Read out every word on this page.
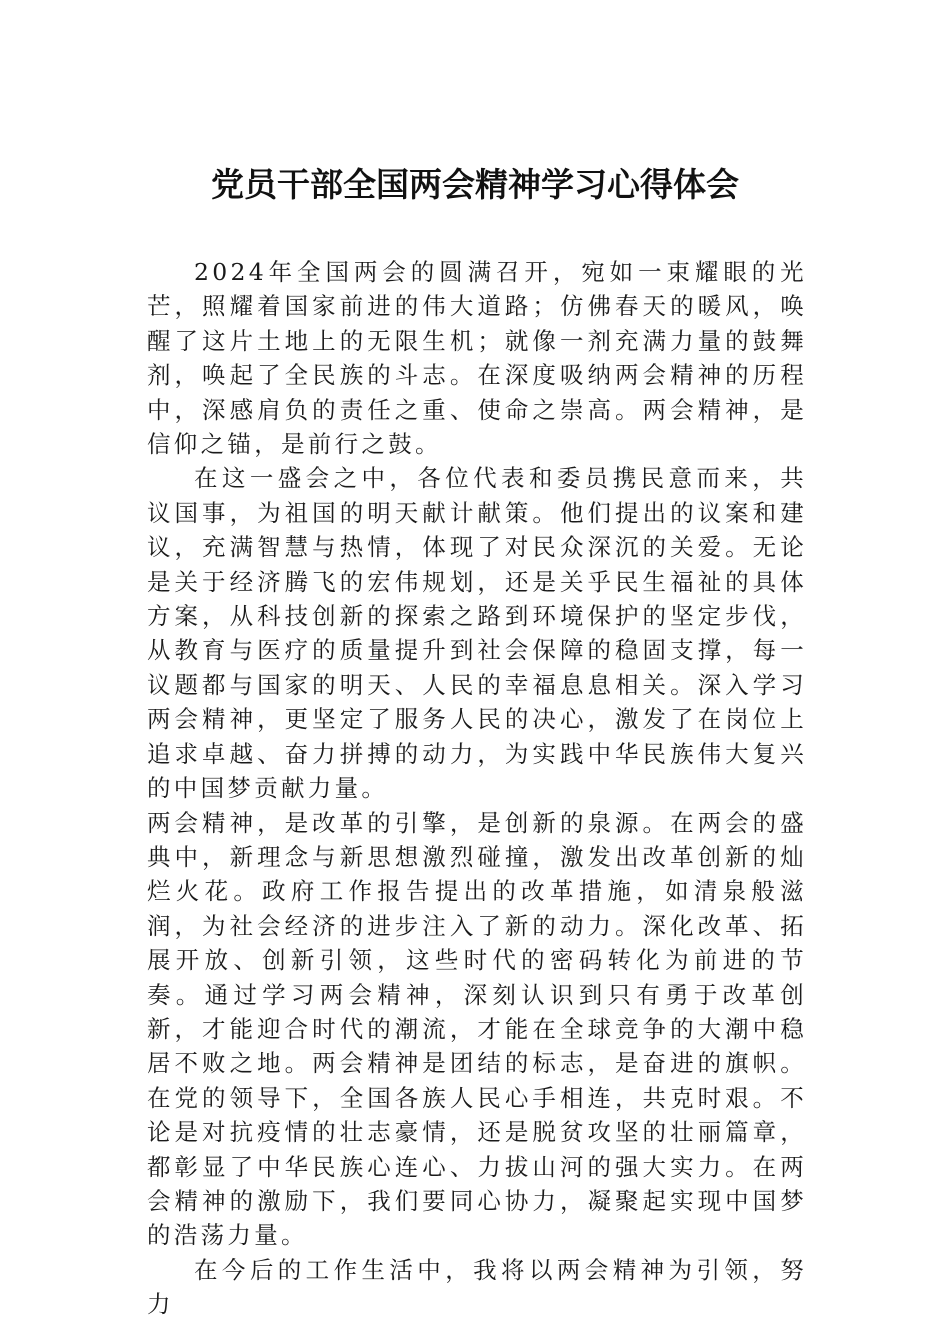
党员干部全国两会精神学习心得体会

2024年全国两会的圆满召开，宛如一束耀眼的光芒，照耀着国家前进的伟大道路；仿佛春天的暖风，唤醒了这片土地上的无限生机；就像一剂充满力量的鼓舞剂，唤起了全民族的斗志。在深度吸纳两会精神的历程中，深感肩负的责任之重、使命之崇高。两会精神，是信仰之锚，是前行之鼓。

在这一盛会之中，各位代表和委员携民意而来，共议国事，为祖国的明天献计献策。他们提出的议案和建议，充满智慧与热情，体现了对民众深沉的关爱。无论是关于经济腾飞的宏伟规划，还是关乎民生福祉的具体方案，从科技创新的探索之路到环境保护的坚定步伐，从教育与医疗的质量提升到社会保障的稳固支撑，每一议题都与国家的明天、人民的幸福息息相关。深入学习两会精神，更坚定了服务人民的决心，激发了在岗位上追求卓越、奋力拼搏的动力，为实践中华民族伟大复兴的中国梦贡献力量。

两会精神，是改革的引擎，是创新的泉源。在两会的盛典中，新理念与新思想激烈碰撞，激发出改革创新的灿烂火花。政府工作报告提出的改革措施，如清泉般滋润，为社会经济的进步注入了新的动力。深化改革、拓展开放、创新引领，这些时代的密码转化为前进的节奏。通过学习两会精神，深刻认识到只有勇于改革创新，才能迎合时代的潮流，才能在全球竞争的大潮中稳居不败之地。两会精神是团结的标志，是奋进的旗帜。在党的领导下，全国各族人民心手相连，共克时艰。不论是对抗疫情的壮志豪情，还是脱贫攻坚的壮丽篇章，都彰显了中华民族心连心、力拔山河的强大实力。在两会精神的激励下，我们要同心协力，凝聚起实现中国梦的浩荡力量。

在今后的工作生活中，我将以两会精神为引领，努力
